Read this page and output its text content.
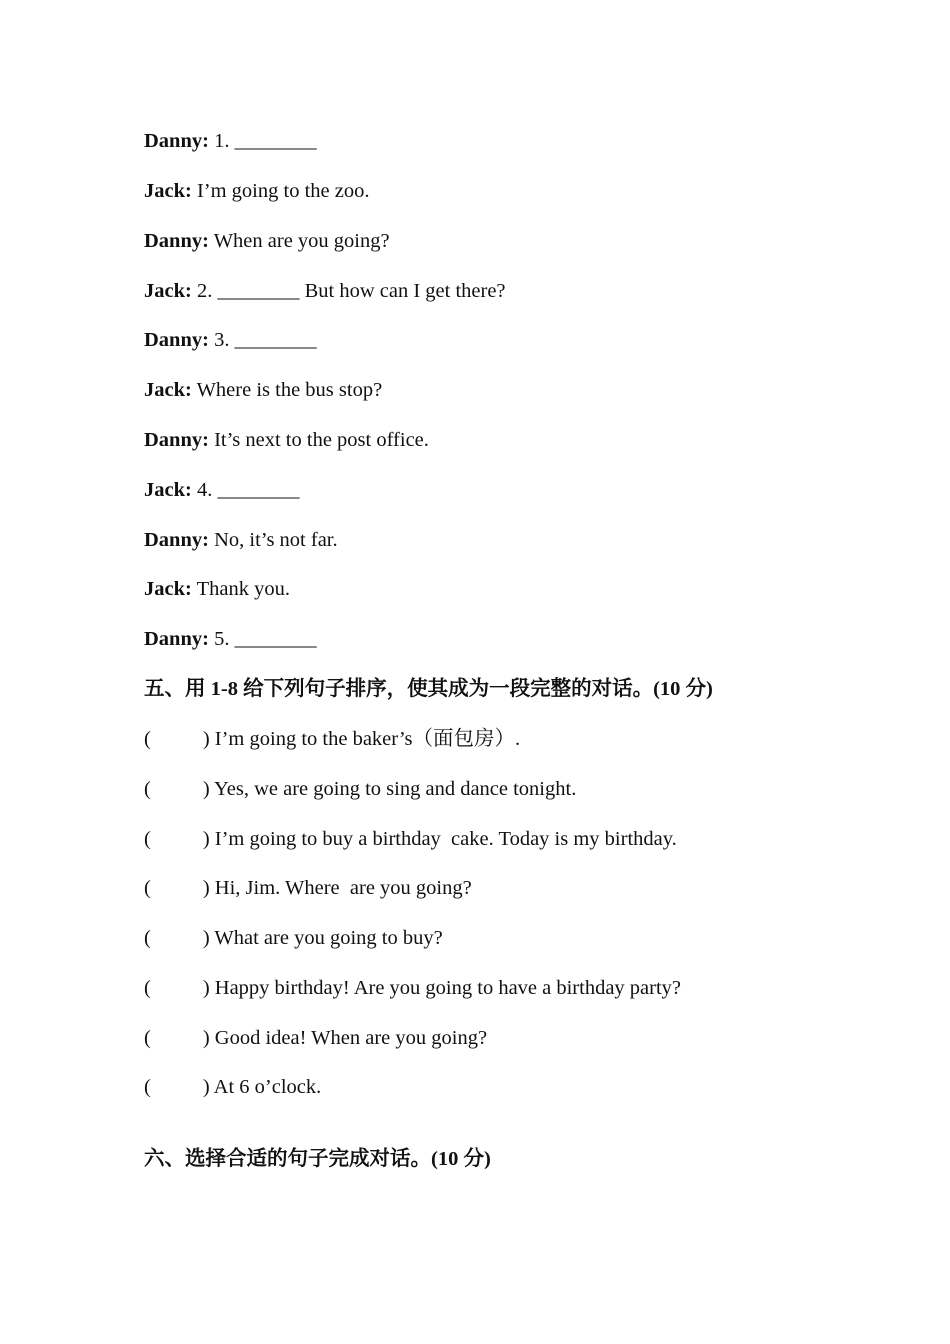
Danny: 1. ________
Jack: I’m going to the zoo.
Danny: When are you going?
Jack: 2. ________ But how can I get there?
Danny: 3. ________
Jack: Where is the bus stop?
Danny: It’s next to the post office.
Jack: 4. ________
Danny: No, it’s not far.
Jack: Thank you.
Danny: 5. ________
五、用 1-8 给下列句子排序，使其成为一段完整的对话。(10 分)
(	) I’m going to the baker’s（面包房）.
(	) Yes, we are going to sing and dance tonight.
(	) I’m going to buy a birthday  cake. Today is my birthday.
(	) Hi, Jim. Where  are you going?
(	) What are you going to buy?
(	) Happy birthday! Are you going to have a birthday party?
(	) Good idea! When are you going?
(	) At 6 o’clock.
六、选择合适的句子完成对话。(10 分)
